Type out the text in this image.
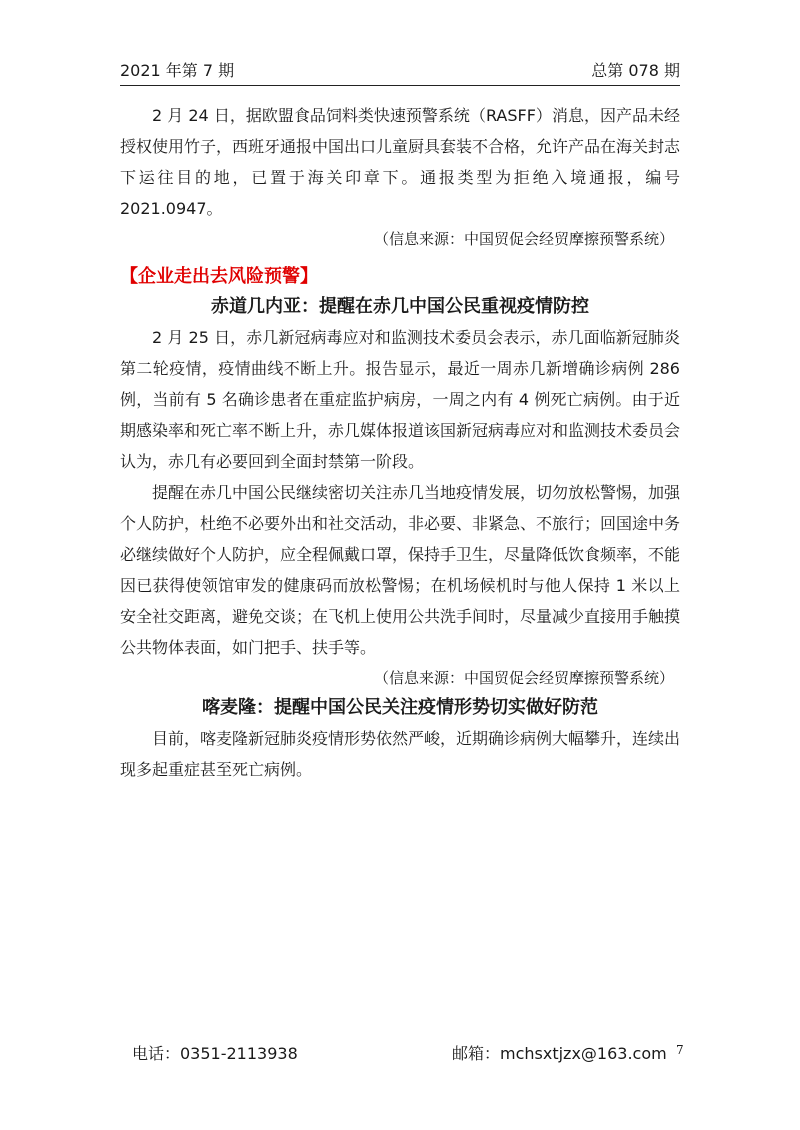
2021 年第 7 期	总第 078 期

2 月 24 日，据欧盟食品饲料类快速预警系统（RASFF）消息，因产品未经授权使用竹子，西班牙通报中国出口儿童厨具套装不合格，允许产品在海关封志下运往目的地，已置于海关印章下。通报类型为拒绝入境通报，编号 2021.0947。

（信息来源：中国贸促会经贸摩擦预警系统）
【企业走出去风险预警】
赤道几内亚：提醒在赤几中国公民重视疫情防控

2 月 25 日，赤几新冠病毒应对和监测技术委员会表示，赤几面临新冠肺炎第二轮疫情，疫情曲线不断上升。报告显示，最近一周赤几新增确诊病例 286 例，当前有 5 名确诊患者在重症监护病房，一周之内有 4 例死亡病例。由于近期感染率和死亡率不断上升，赤几媒体报道该国新冠病毒应对和监测技术委员会认为，赤几有必要回到全面封禁第一阶段。

提醒在赤几中国公民继续密切关注赤几当地疫情发展，切勿放松警惕，加强个人防护，杜绝不必要外出和社交活动，非必要、非紧急、不旅行；回国途中务必继续做好个人防护，应全程佩戴口罩，保持手卫生，尽量降低饮食频率，不能因已获得使领馆审发的健康码而放松警惕；在机场候机时与他人保持 1 米以上安全社交距离，避免交谈；在飞机上使用公共洗手间时，尽量减少直接用手触摸公共物体表面，如门把手、扶手等。

（信息来源：中国贸促会经贸摩擦预警系统）
喀麦隆：提醒中国公民关注疫情形势切实做好防范

目前，喀麦隆新冠肺炎疫情形势依然严峻，近期确诊病例大幅攀升，连续出现多起重症甚至死亡病例。

电话：0351-2113938	邮箱：mchsxtjzx@163.com 7
